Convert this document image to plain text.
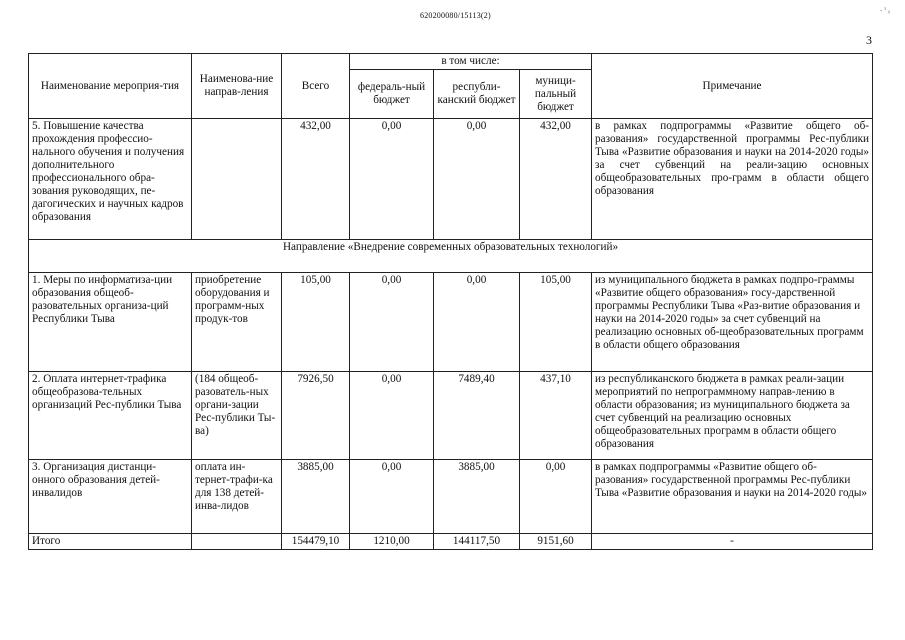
620200080/15113(2)
- ¹ ₀
3
Наименование мероприя-тия	Наименова-ние направ-ления	Всего	в том числе:			Примечание
			федераль-ный бюджет	республи-канский бюджет	муници-пальный бюджет	
5. Повышение качества прохождения профессио-нального обучения и получения дополнительного профессионального обра-зования руководящих, пе-дагогических и научных кадров образования		432,00	0,00	0,00	432,00	в рамках подпрограммы «Развитие общего об-разования» государственной программы Рес-публики Тыва «Развитие образования и науки на 2014-2020 годы» за счет субвенций на реали-зацию основных общеобразовательных про-грамм в области общего образования
Направление «Внедрение современных образовательных технологий»						
1. Меры по информатиза-ции образования общеоб-разовательных организа-ций Республики Тыва	приобретение оборудования и программ-ных продук-тов	105,00	0,00	0,00	105,00	из муниципального бюджета в рамках подпро-граммы «Развитие общего образования» госу-дарственной программы Республики Тыва «Раз-витие образования и науки на 2014-2020 годы» за счет субвенций на реализацию основных об-щеобразовательных программ в области общего образования
2. Оплата интернет-трафика общеобразова-тельных организаций Рес-публики Тыва	(184 общеоб-разователь-ных органи-зации Рес-публики Ты-ва)	7926,50	0,00	7489,40	437,10	из республиканского бюджета в рамках реали-зации мероприятий по непрограммному направ-лению в области образования; из муниципального бюджета за счет субвенций на реализацию основных общеобразовательных программ в области общего образования
3. Организация дистанци-онного образования детей-инвалидов	оплата ин-тернет-трафи-ка для 138 детей-инва-лидов	3885,00	0,00	3885,00	0,00	в рамках подпрограммы «Развитие общего об-разования» государственной программы Рес-публики Тыва «Развитие образования и науки на 2014-2020 годы»
Итого		154479,10	1210,00	144117,50	9151,60	-
